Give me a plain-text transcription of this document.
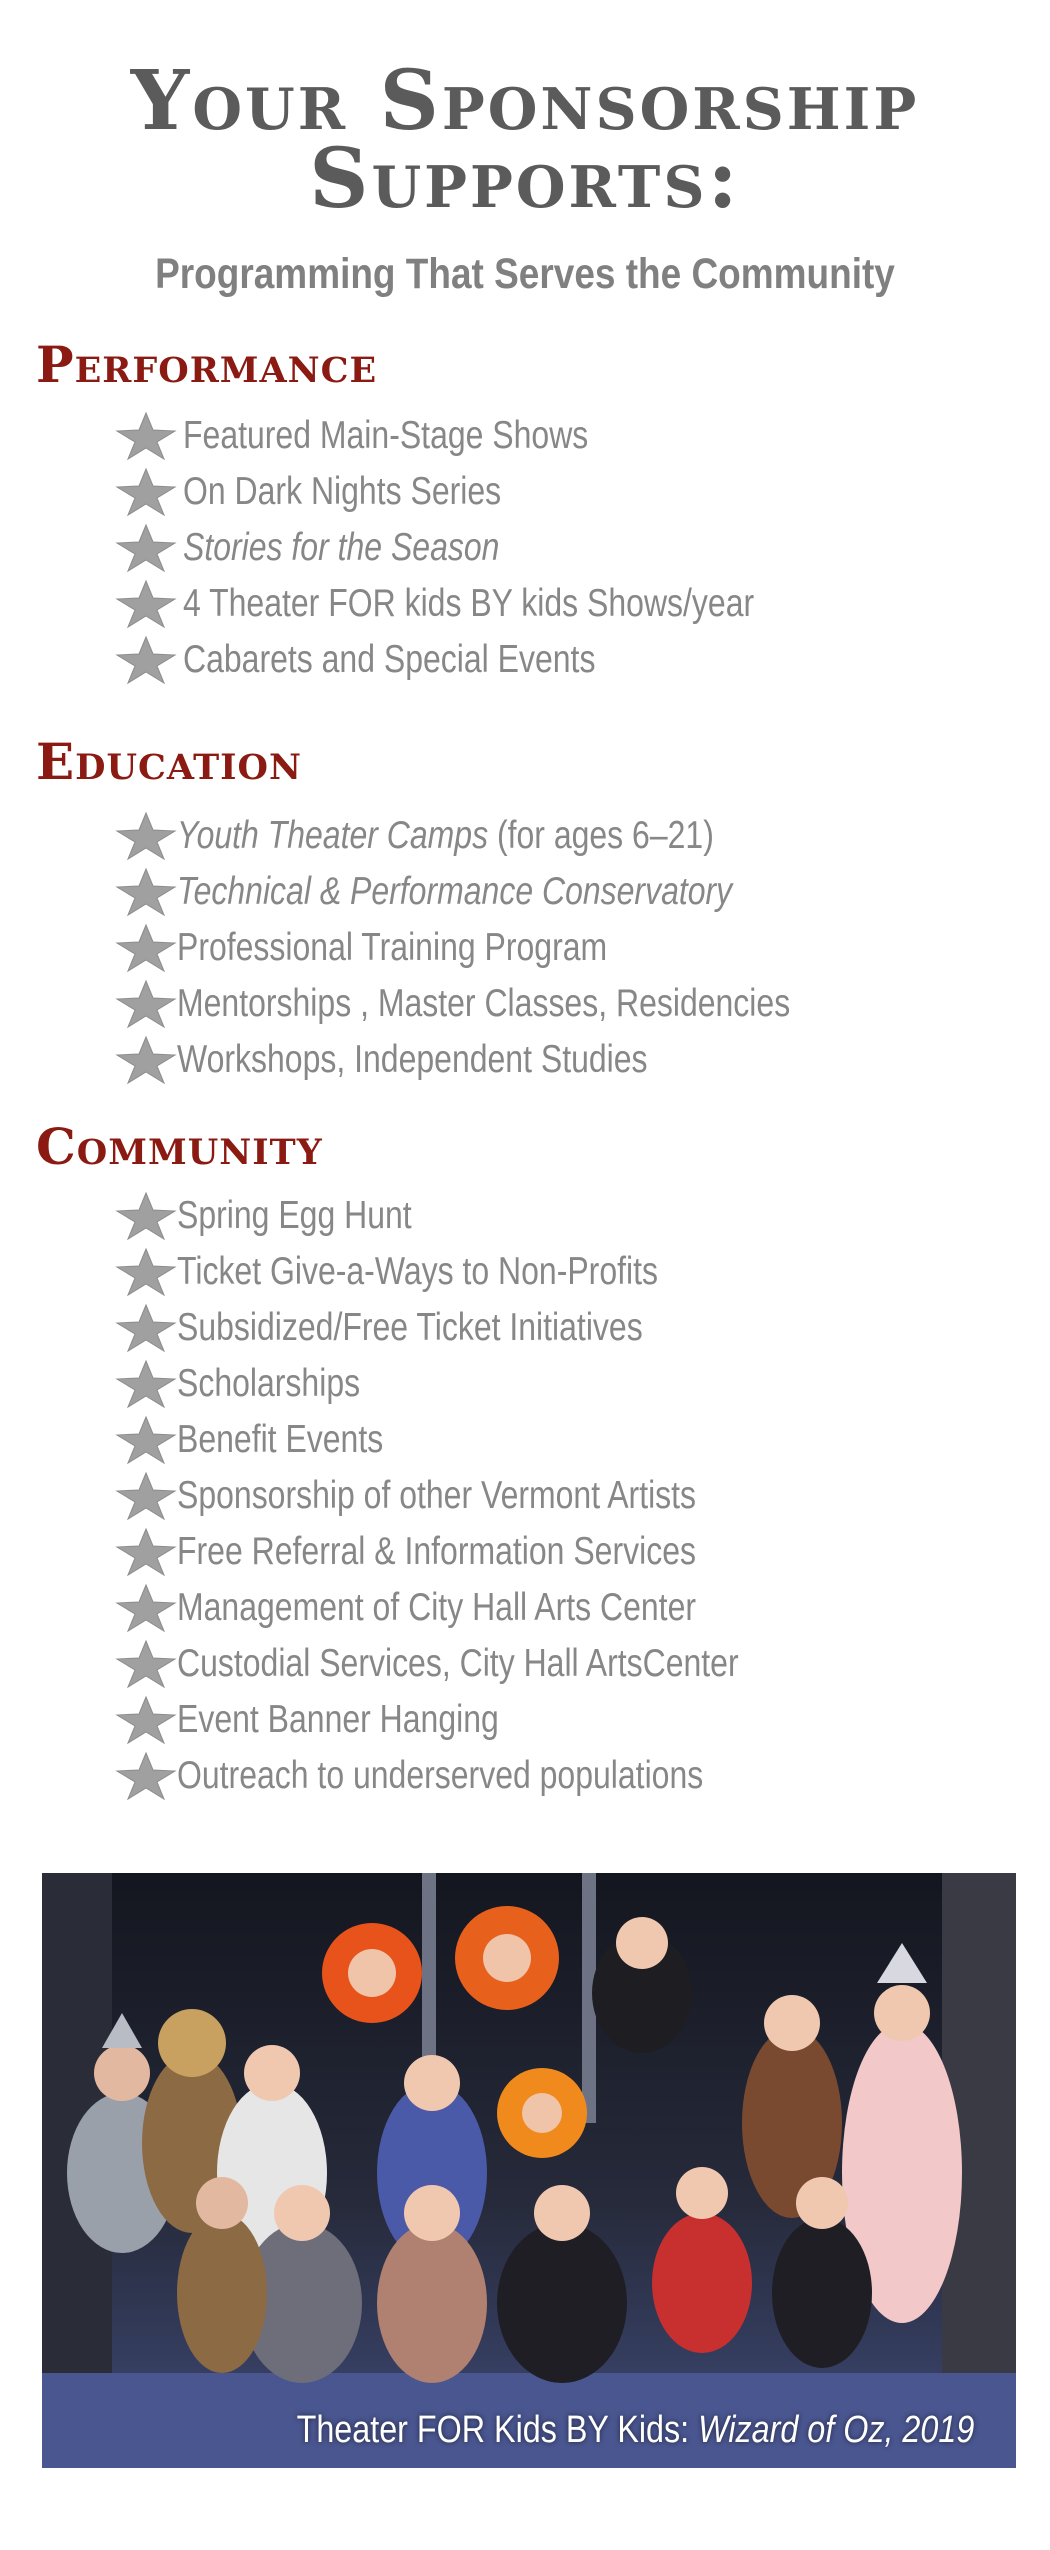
Your Sponsorship
Supports:
Programming That Serves the Community
Performance
Featured Main-Stage Shows
On Dark Nights Series
Stories for the Season
4 Theater FOR kids BY kids Shows/year
Cabarets and Special Events
Education
Youth Theater Camps (for ages 6–21)
Technical & Performance Conservatory
Professional Training Program
Mentorships , Master Classes, Residencies
Workshops, Independent Studies
Community
Spring Egg Hunt
Ticket Give-a-Ways to Non-Profits
Subsidized/Free Ticket Initiatives
Scholarships
Benefit Events
Sponsorship of other Vermont Artists
Free Referral & Information Services
Management of City Hall Arts Center
Custodial Services, City Hall ArtsCenter
Event Banner Hanging
Outreach to underserved populations
Theater FOR Kids BY Kids: Wizard of Oz, 2019
